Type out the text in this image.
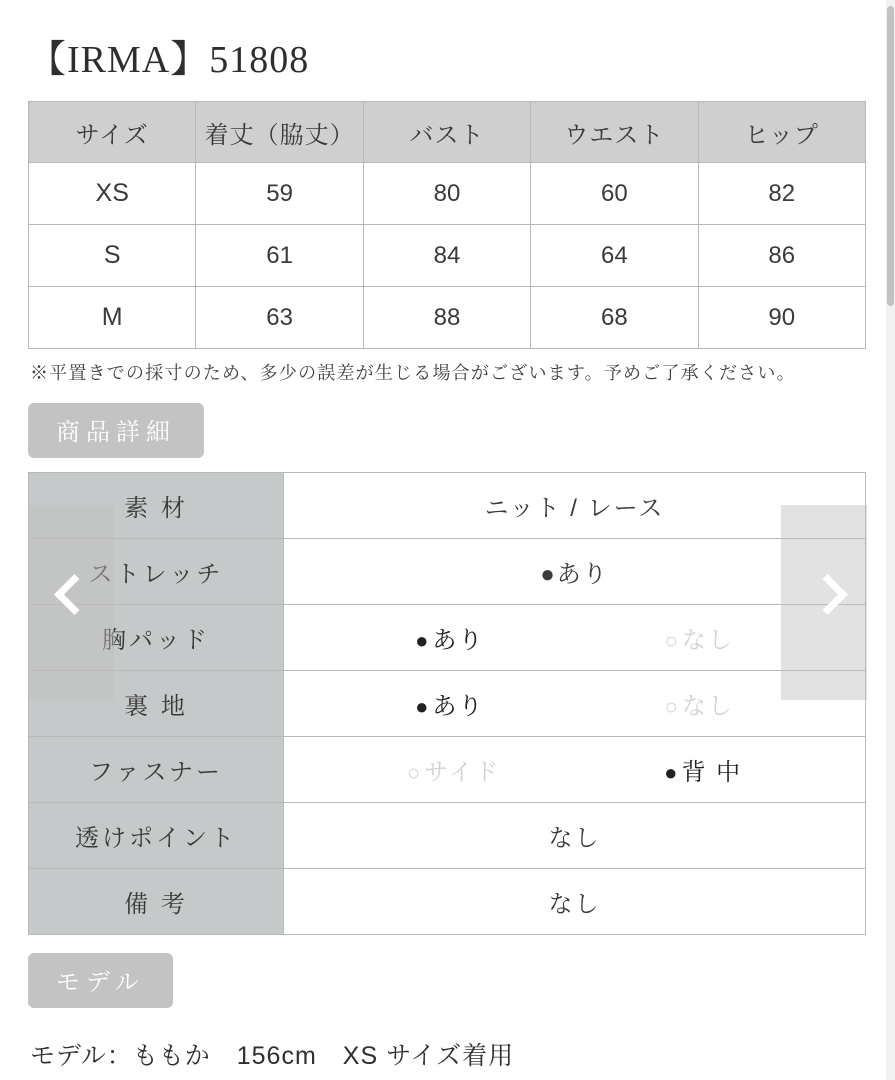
【IRMA】51808
サイズ	着丈（脇丈）	バスト	ウエスト	ヒップ
XS	59	80	60	82
S	61	84	64	86
M	63	88	68	90
※平置きでの採寸のため、多少の誤差が生じる場合がございます。予めご了承ください。
商品詳細
素 材	ニット / レース
ストレッチ	●あり
胸パッド	●あり ○なし

裏 地	●あり ○なし

ファスナー	○サイド ●背 中

透けポイント	なし
備 考	なし
モデル
モデル：ももか　156cm　XS サイズ着用
